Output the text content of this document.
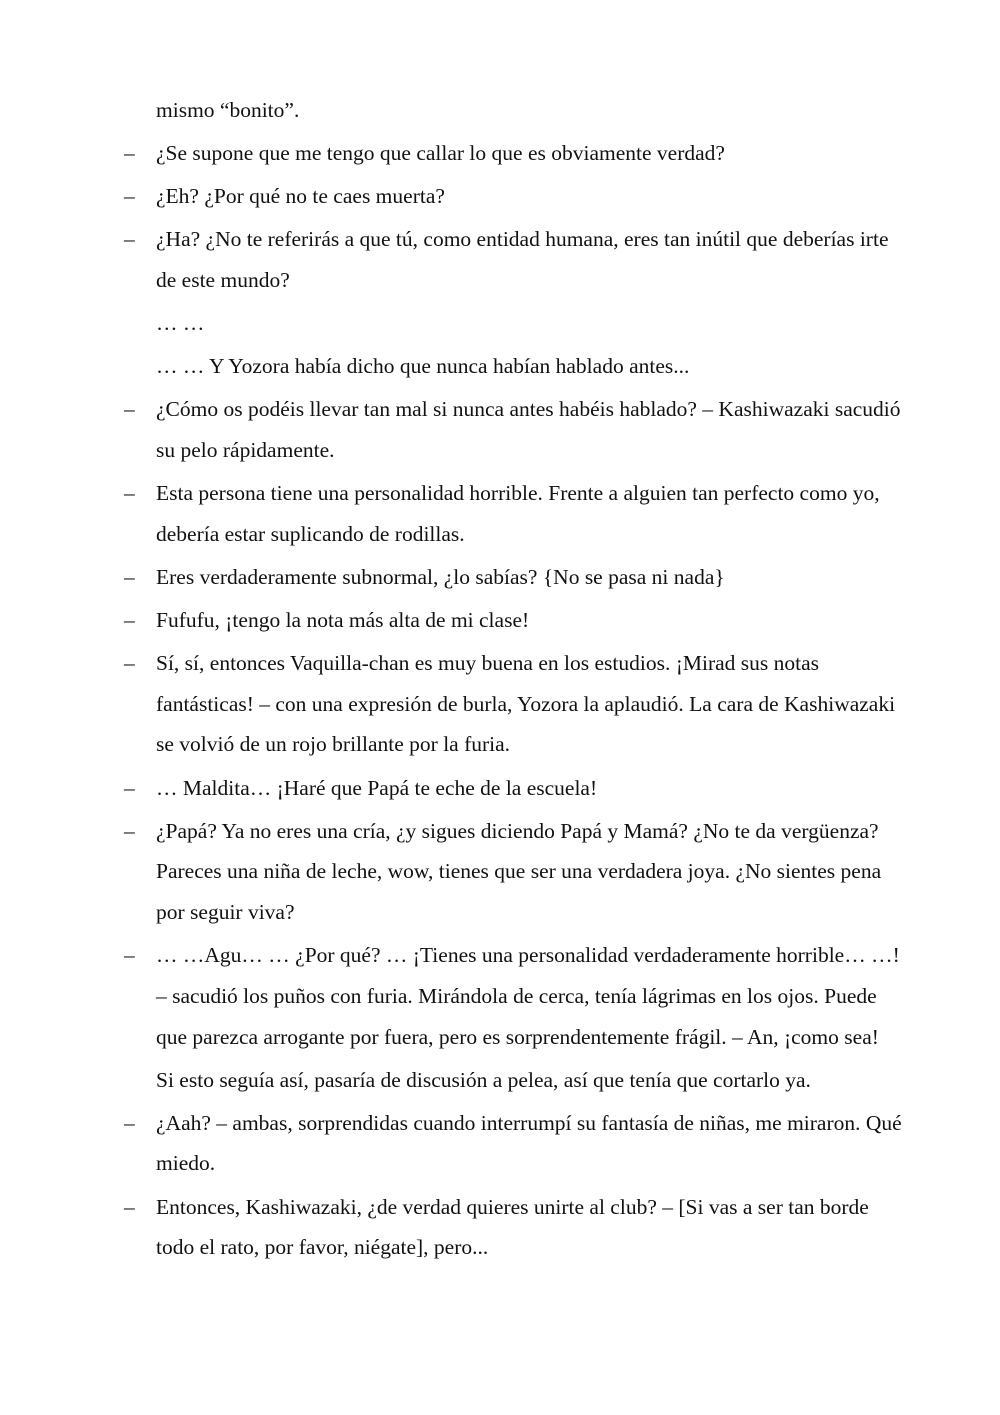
mismo “bonito”.
– ¿Se supone que me tengo que callar lo que es obviamente verdad?
– ¿Eh? ¿Por qué no te caes muerta?
– ¿Ha? ¿No te referirás a que tú, como entidad humana, eres tan inútil que deberías irte de este mundo?
… …
… … Y Yozora había dicho que nunca habían hablado antes...
– ¿Cómo os podéis llevar tan mal si nunca antes habéis hablado? – Kashiwazaki sacudió su pelo rápidamente.
– Esta persona tiene una personalidad horrible. Frente a alguien tan perfecto como yo, debería estar suplicando de rodillas.
– Eres verdaderamente subnormal, ¿lo sabías? {No se pasa ni nada}
– Fufufu, ¡tengo la nota más alta de mi clase!
– Sí, sí, entonces Vaquilla-chan es muy buena en los estudios. ¡Mirad sus notas fantásticas! – con una expresión de burla, Yozora la aplaudió. La cara de Kashiwazaki se volvió de un rojo brillante por la furia.
– … Maldita… ¡Haré que Papá te eche de la escuela!
– ¿Papá? Ya no eres una cría, ¿y sigues diciendo Papá y Mamá? ¿No te da vergüenza? Pareces una niña de leche, wow, tienes que ser una verdadera joya. ¿No sientes pena por seguir viva?
– … …Agu… … ¿Por qué? … ¡Tienes una personalidad verdaderamente horrible… …! – sacudió los puños con furia. Mirándola de cerca, tenía lágrimas en los ojos. Puede que parezca arrogante por fuera, pero es sorprendentemente frágil. – An, ¡como sea!
Si esto seguía así, pasaría de discusión a pelea, así que tenía que cortarlo ya.
– ¿Aah? – ambas, sorprendidas cuando interrumpí su fantasía de niñas, me miraron. Qué miedo.
– Entonces, Kashiwazaki, ¿de verdad quieres unirte al club? – [Si vas a ser tan borde todo el rato, por favor, niégate], pero...
